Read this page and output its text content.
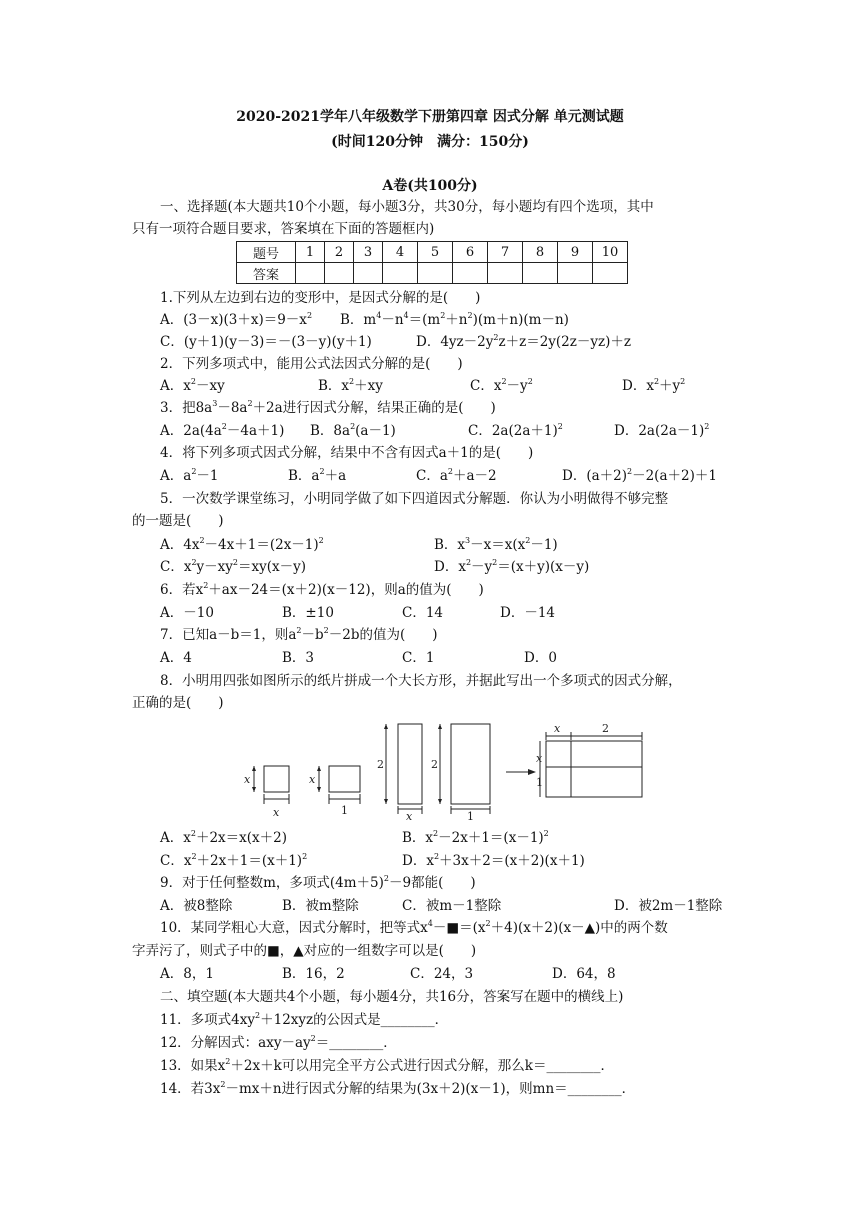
2020-2021学年八年级数学下册第四章 因式分解 单元测试题
(时间120分钟　满分：150分)
A卷(共100分)
一、选择题(本大题共10个小题，每小题3分，共30分，每小题均有四个选项，其中
只有一项符合题目要求，答案填在下面的答题框内)
题号	1	2	3	4	5	6	7	8	9	10
答案										
1.下列从左边到右边的变形中，是因式分解的是(　　)
A．$(3-x)(3+x)=9-x^2$ B．$m^4-n^4=(m^2+n^2)(m+n)(m-n)$
C．(y＋1)(y－3)＝－(3－y)(y＋1)	D．$4yz-2y^2z+z=2y(2z-yz)+z$
2．下列多项式中，能用公式法因式分解的是(　　)
A．$x^2-xy$	B．$x^2+xy$	C．$x^2-y^2$	D．$x^2+y^2$
3．把$8a^3-8a^2+2a$进行因式分解，结果正确的是(　　)
A．$2a(4a^2-4a+1)$ B．$8a^2(a-1)$	C．$2a(2a+1)^2$	D．$2a(2a-1)^2$
4．将下列多项式因式分解，结果中不含有因式a＋1的是(　　)
A．$a^2-1$	B．$a^2+a$	C．$a^2+a-2$	D．$(a+2)^2-2(a+2)+1$
5．一次数学课堂练习，小明同学做了如下四道因式分解题．你认为小明做得不够完整
的一题是(　　)
A．$4x^2-4x+1=(2x-1)^2$	B．$x^3-x=x(x^2-1)$
C．$x^2y-xy^2=xy(x-y)$	D．$x^2-y^2=(x+y)(x-y)$
6．若$x^2+ax-24=(x+2)(x-12)$，则a的值为(　　)
A．－10	B．±10	C．14	D．－14
7．已知a－b＝1，则$a^2-b^2-2b$的值为(　　)
A．4	B．3	C．1	D．0
8．小明用四张如图所示的纸片拼成一个大长方形，并据此写出一个多项式的因式分解，
正确的是(　　)
x
x
x
x
x
x
1	1
1
2	2
2
A．$x^2+2x=x(x+2)$	B．$x^2-2x+1=(x-1)^2$
C．$x^2+2x+1=(x+1)^2$	D．$x^2+3x+2=(x+2)(x+1)$
9．对于任何整数m，多项式$(4m+5)^2-9$都能(　　)
A．被8整除	B．被m整除	C．被m－1整除	D．被2m－1整除
10．某同学粗心大意，因式分解时，把等式$x^4-■=(x^2+4)(x+2)(x-▲)$中的两个数
字弄污了，则式子中的■，▲对应的一组数字可以是(　　)
A．8，1	B．16，2	C．24，3	D．64，8
二、填空题(本大题共4个小题，每小题4分，共16分，答案写在题中的横线上)
11．多项式$4xy^2+12xyz$的公因式是________．
12．分解因式：$axy-ay^2=\_\_\_\_\_\_\_\_$．
13．如果$x^2+2x+k$可以用完全平方公式进行因式分解，那么k＝________．
14．若$3x^2-mx+n$进行因式分解的结果为(3x＋2)(x－1)，则mn＝________．
